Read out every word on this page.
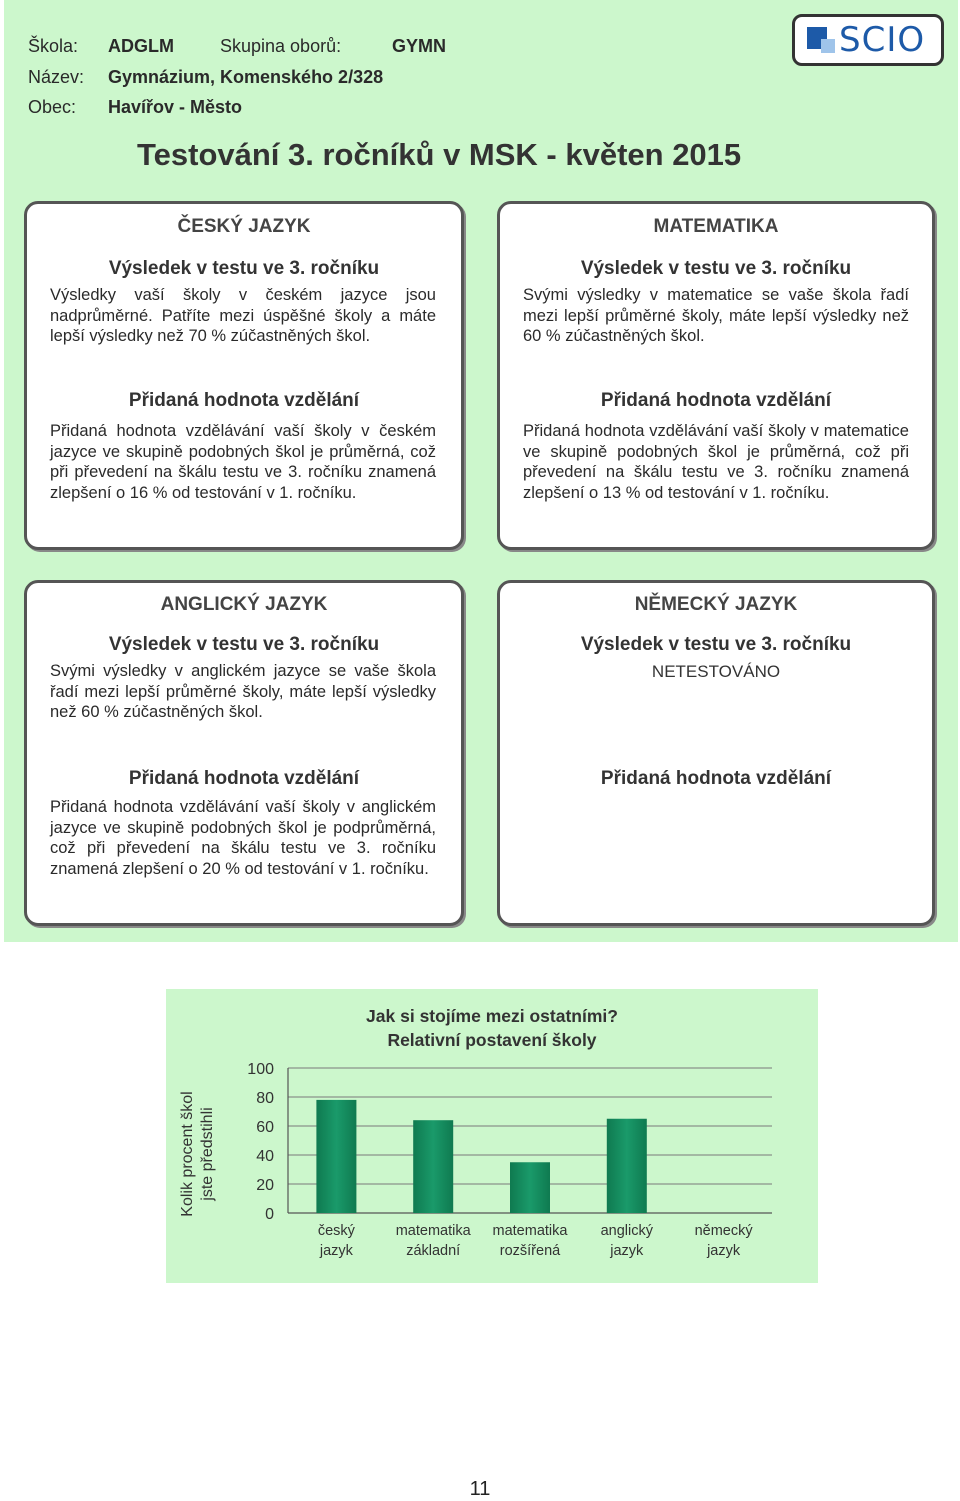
Škola: ADGLM	Skupina oborů:	GYMN
Název: Gymnázium, Komenského 2/328
Obec: Havířov - Město
SCIO
Testování 3. ročníků v MSK - květen 2015
ČESKÝ JAZYK
Výsledek v testu ve 3. ročníku
Výsledky vaší školy v českém jazyce jsou nadprůměrné. Patříte mezi úspěšné školy a máte lepší výsledky než 70 % zúčastněných škol.
Přidaná hodnota vzdělání
Přidaná hodnota vzdělávání vaší školy v českém jazyce ve skupině podobných škol je průměrná, což při převedení na škálu testu ve 3. ročníku znamená zlepšení o 16 % od testování v 1. ročníku.
MATEMATIKA
Výsledek v testu ve 3. ročníku
Svými výsledky v matematice se vaše škola řadí mezi lepší průměrné školy, máte lepší výsledky než 60 % zúčastněných škol.
Přidaná hodnota vzdělání
Přidaná hodnota vzdělávání vaší školy v matematice ve skupině podobných škol je průměrná, což při převedení na škálu testu ve 3. ročníku znamená zlepšení o 13 % od testování v 1. ročníku.
ANGLICKÝ JAZYK
Výsledek v testu ve 3. ročníku
Svými výsledky v anglickém jazyce se vaše škola řadí mezi lepší průměrné školy, máte lepší výsledky než 60 % zúčastněných škol.
Přidaná hodnota vzdělání
Přidaná hodnota vzdělávání vaší školy v anglickém jazyce ve skupině podobných škol je podprůměrná, což při převedení na škálu testu ve 3. ročníku znamená zlepšení o 20 % od testování v 1. ročníku.
NĚMECKÝ JAZYK
Výsledek v testu ve 3. ročníku
NETESTOVÁNO
Přidaná hodnota vzdělání
Jak si stojíme mezi ostatními?
Relativní postavení školy
Kolik procent škol jste předstihli
0
20
40
60
80
100
český
jazyk
matematika
základní
matematika
rozšířená
anglický
jazyk
německý
jazyk
11
